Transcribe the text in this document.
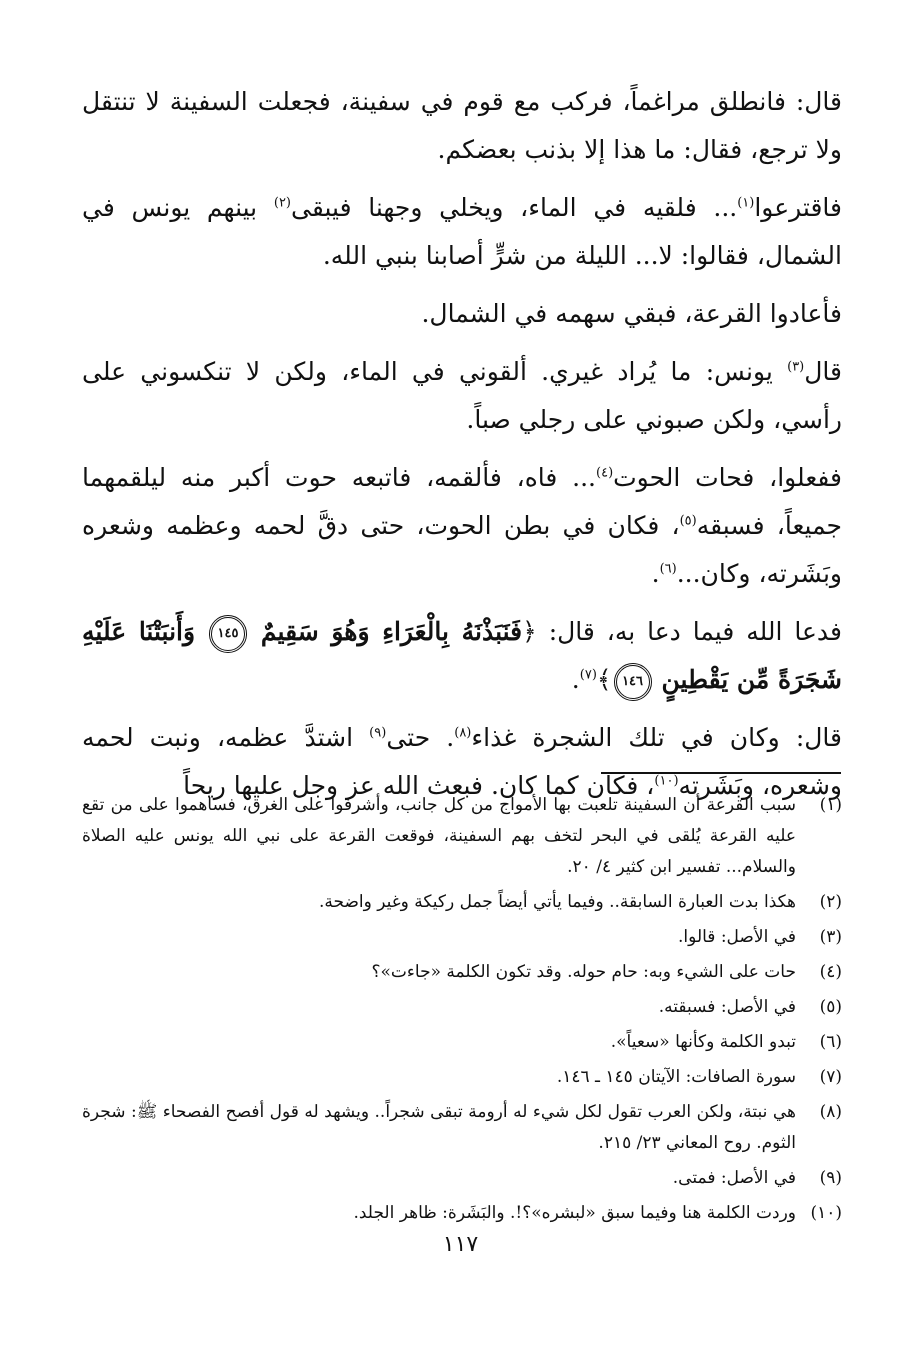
قال: فانطلق مراغماً، فركب مع قوم في سفينة، فجعلت السفينة لا تنتقل ولا ترجع، فقال: ما هذا إلا بذنب بعضكم.

فاقترعوا$^{(١)}$... فلقيه في الماء، ويخلي وجهنا فيبقى$^{(٢)}$ بينهم يونس في الشمال، فقالوا: لا... الليلة من شرٍّ أصابنا بنبي الله.

فأعادوا القرعة، فبقي سهمه في الشمال.

قال$^{(٣)}$ يونس: ما يُراد غيري. ألقوني في الماء، ولكن لا تنكسوني على رأسي، ولكن صبوني على رجلي صباً.

ففعلوا، فحات الحوت$^{(٤)}$... فاه، فألقمه، فاتبعه حوت أكبر منه ليلقمهما جميعاً، فسبقه$^{(٥)}$، فكان في بطن الحوت، حتى دقَّ لحمه وعظمه وشعره وبَشَرته، وكان...$^{(٦)}$.

فدعا الله فيما دعا به، قال: ﴿فَنَبَذْنَهُ بِالْعَرَاءِ وَهُوَ سَقِيمٌ ١٤٥ وَأَنبَتْنَا عَلَيْهِ شَجَرَةً مِّن يَقْطِينٍ ١٤٦﴾$^{(٧)}$.

قال: وكان في تلك الشجرة غذاء$^{(٨)}$. حتى$^{(٩)}$ اشتدَّ عظمه، ونبت لحمه وشعره، وبَشَرته$^{(١٠)}$، فكان كما كان. فبعث الله عز وجل عليها ريحاً

(١)
سبب القرعة أن السفينة تلعبت بها الأمواج من كل جانب، وأشرفوا على الغرق، فساهموا على من تقع عليه القرعة يُلقى في البحر لتخف بهم السفينة، فوقعت القرعة على نبي الله يونس عليه الصلاة والسلام... تفسير ابن كثير ٤/ ٢٠.
(٢)
هكذا بدت العبارة السابقة.. وفيما يأتي أيضاً جمل ركيكة وغير واضحة.
(٣)
في الأصل: قالوا.
(٤)
حات على الشيء وبه: حام حوله. وقد تكون الكلمة «جاءت»؟
(٥)
في الأصل: فسبقته.
(٦)
تبدو الكلمة وكأنها «سعياً».
(٧)
سورة الصافات: الآيتان ١٤٥ ـ ١٤٦.
(٨)
هي نبتة، ولكن العرب تقول لكل شيء له أرومة تبقى شجراً.. ويشهد له قول أفصح الفصحاء ﷺ: شجرة الثوم. روح المعاني ٢٣/ ٢١٥.
(٩)
في الأصل: فمتى.
(١٠)
وردت الكلمة هنا وفيما سبق «لبشره»؟!. والبَشَرة: ظاهر الجلد.
١١٧
